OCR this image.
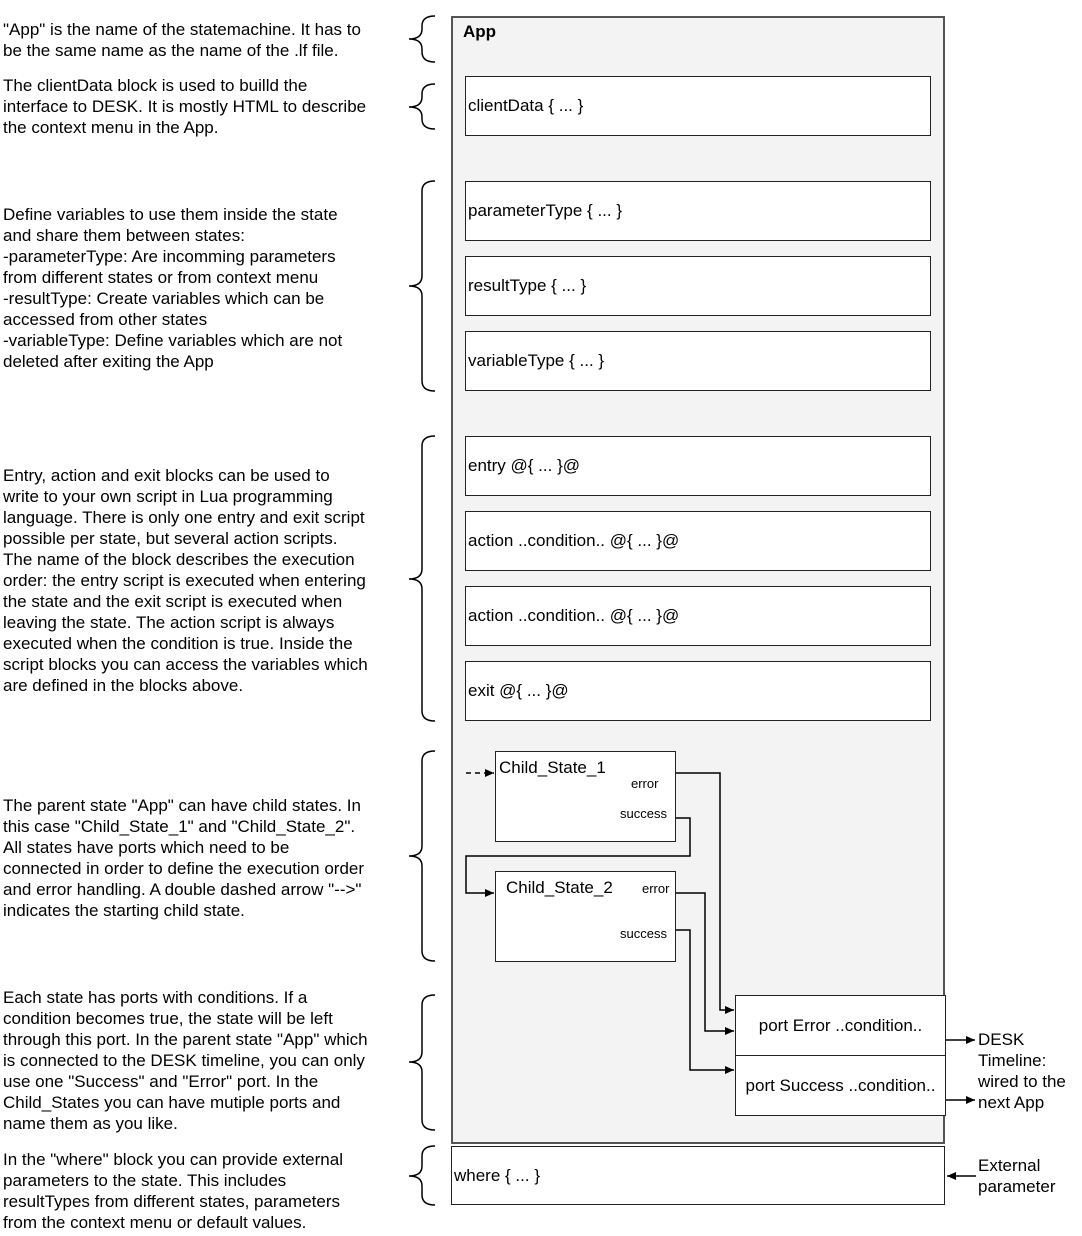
"App" is the name of the statemachine. It has to
be the same name as the name of the .lf file.
The clientData block is used to builld the
interface to DESK. It is mostly HTML to describe
the context menu in the App.
Define variables to use them inside the state
and share them between states:
-parameterType: Are incomming parameters
from different states or from context menu
-resultType: Create variables which can be
accessed from other states
-variableType: Define variables which are not
deleted after exiting the App
Entry, action and exit blocks can be used to
write to your own script in Lua programming
language. There is only one entry and exit script
possible per state, but several action scripts.
The name of the block describes the execution
order: the entry script is executed when entering
the state and the exit script is executed when
leaving the state. The action script is always
executed when the condition is true. Inside the
script blocks you can access the variables which
are defined in the blocks above.
The parent state "App" can have child states. In
this case "Child_State_1" and "Child_State_2".
All states have ports which need to be
connected in order to define the execution order
and error handling. A double dashed arrow "-->"
indicates the starting child state.
Each state has ports with conditions. If a
condition becomes true, the state will be left
through this port. In the parent state "App" which
is connected to the DESK timeline, you can only
use one "Success" and "Error" port. In the
Child_States you can have mutiple ports and
name them as you like.
In the "where" block you can provide external
parameters to the state. This includes
resultTypes from different states, parameters
from the context menu or default values.
App
clientData { ... }
parameterType { ... }
resultType { ... }
variableType { ... }
entry @{ ... }@
action ..condition.. @{ ... }@
action ..condition.. @{ ... }@
exit @{ ... }@
Child_State_1
error
success
Child_State_2 error
success
port Error ..condition..
port Success ..condition..
where { ... }
DESK
Timeline:
wired to the
next App
External
parameter
